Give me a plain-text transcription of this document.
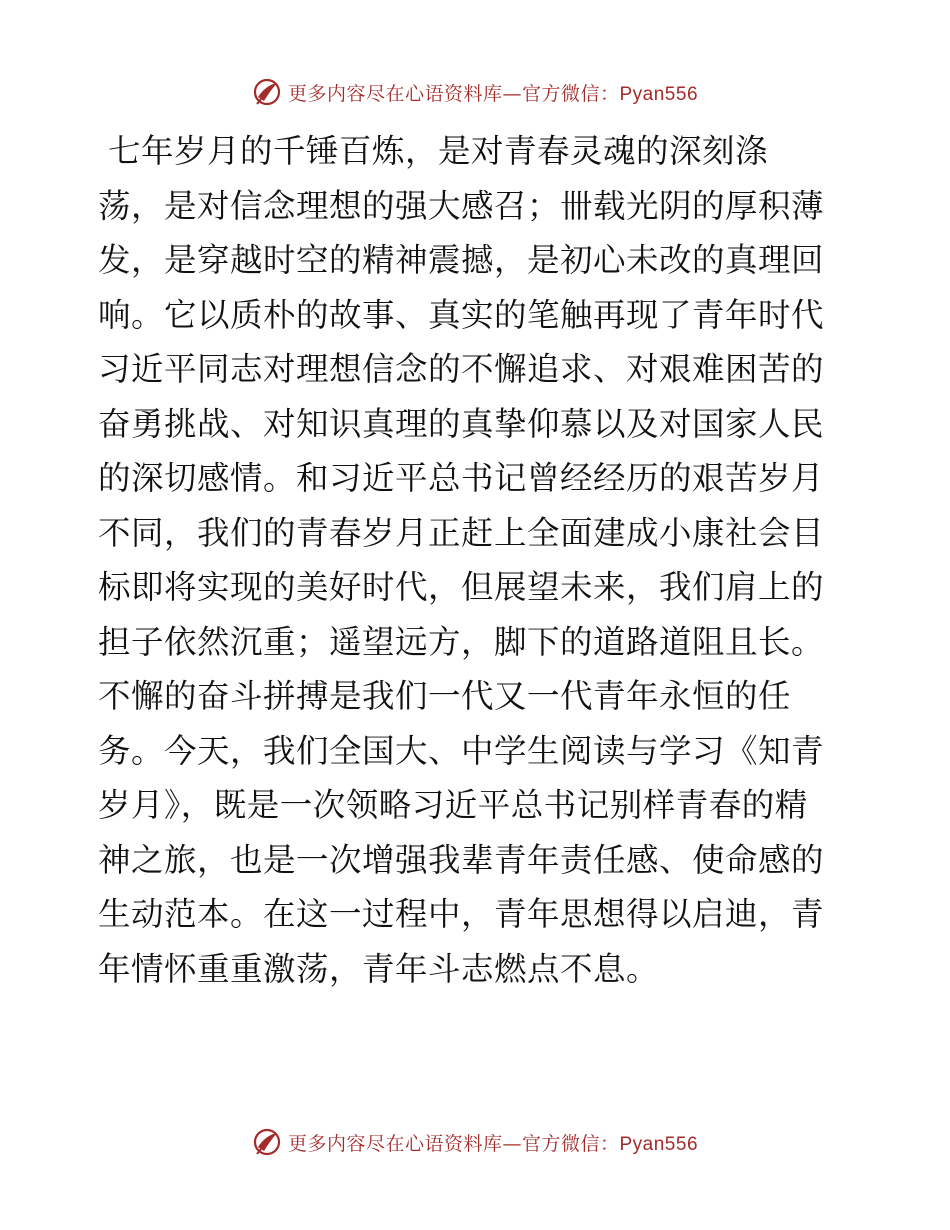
更多内容尽在心语资料库—官方微信：Pyan556
七年岁月的千锤百炼，是对青春灵魂的深刻涤
荡，是对信念理想的强大感召；卌载光阴的厚积薄
发，是穿越时空的精神震撼，是初心未改的真理回
响。它以质朴的故事、真实的笔触再现了青年时代
习近平同志对理想信念的不懈追求、对艰难困苦的
奋勇挑战、对知识真理的真挚仰慕以及对国家人民
的深切感情。和习近平总书记曾经经历的艰苦岁月
不同，我们的青春岁月正赶上全面建成小康社会目
标即将实现的美好时代，但展望未来，我们肩上的
担子依然沉重；遥望远方，脚下的道路道阻且长。
不懈的奋斗拼搏是我们一代又一代青年永恒的任
务。今天，我们全国大、中学生阅读与学习《知青
岁月》，既是一次领略习近平总书记别样青春的精
神之旅，也是一次增强我辈青年责任感、使命感的
生动范本。在这一过程中，青年思想得以启迪，青
年情怀重重激荡，青年斗志燃点不息。
更多内容尽在心语资料库—官方微信：Pyan556
